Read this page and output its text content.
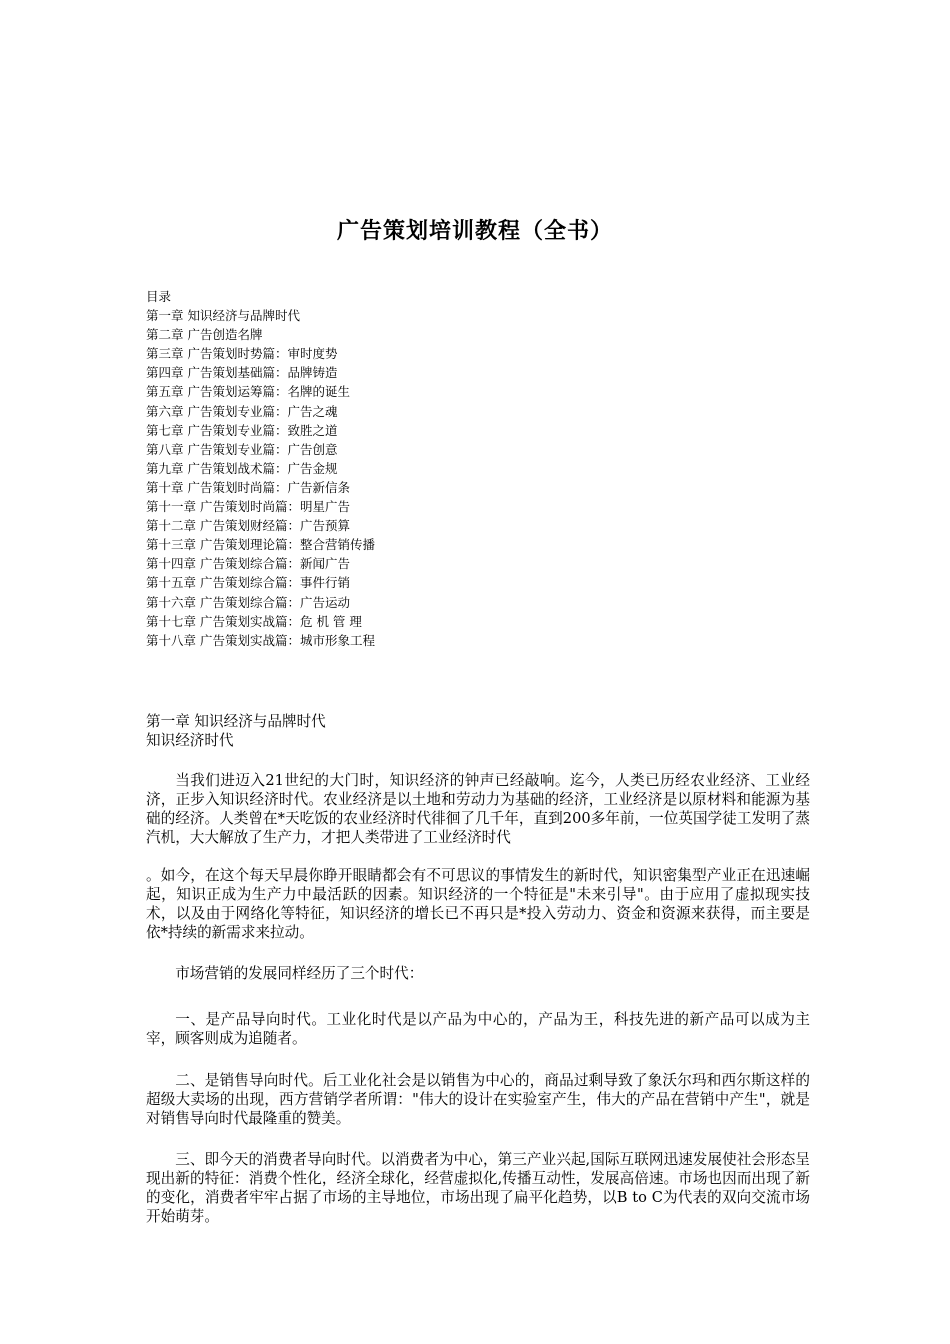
广告策划培训教程（全书）
目录
第一章 知识经济与品牌时代
第二章 广告创造名牌
第三章 广告策划时势篇：审时度势
第四章 广告策划基础篇：品牌铸造
第五章 广告策划运筹篇：名牌的诞生
第六章 广告策划专业篇：广告之魂
第七章 广告策划专业篇：致胜之道
第八章 广告策划专业篇：广告创意
第九章 广告策划战术篇：广告金规
第十章 广告策划时尚篇：广告新信条
第十一章 广告策划时尚篇：明星广告
第十二章 广告策划财经篇：广告预算
第十三章 广告策划理论篇：整合营销传播
第十四章 广告策划综合篇：新闻广告
第十五章 广告策划综合篇：事件行销
第十六章 广告策划综合篇：广告运动
第十七章 广告策划实战篇：危 机 管 理
第十八章 广告策划实战篇：城市形象工程
第一章 知识经济与品牌时代
知识经济时代

当我们进迈入21世纪的大门时，知识经济的钟声已经敲响。迄今，人类已历经农业经济、工业经济，正步入知识经济时代。农业经济是以土地和劳动力为基础的经济，工业经济是以原材料和能源为基础的经济。人类曾在*天吃饭的农业经济时代徘徊了几千年，直到200多年前，一位英国学徒工发明了蒸汽机，大大解放了生产力，才把人类带进了工业经济时代

。如今，在这个每天早晨你睁开眼睛都会有不可思议的事情发生的新时代，知识密集型产业正在迅速崛起，知识正成为生产力中最活跃的因素。知识经济的一个特征是"未来引导"。由于应用了虚拟现实技术，以及由于网络化等特征，知识经济的增长已不再只是*投入劳动力、资金和资源来获得，而主要是依*持续的新需求来拉动。

市场营销的发展同样经历了三个时代：

一、是产品导向时代。工业化时代是以产品为中心的，产品为王，科技先进的新产品可以成为主宰，顾客则成为追随者。

二、是销售导向时代。后工业化社会是以销售为中心的，商品过剩导致了象沃尔玛和西尔斯这样的超级大卖场的出现，西方营销学者所谓："伟大的设计在实验室产生，伟大的产品在营销中产生"，就是对销售导向时代最隆重的赞美。

三、即今天的消费者导向时代。以消费者为中心，第三产业兴起,国际互联网迅速发展使社会形态呈现出新的特征：消费个性化，经济全球化，经营虚拟化,传播互动性，发展高倍速。市场也因而出现了新的变化，消费者牢牢占据了市场的主导地位，市场出现了扁平化趋势，以B to C为代表的双向交流市场开始萌芽。
